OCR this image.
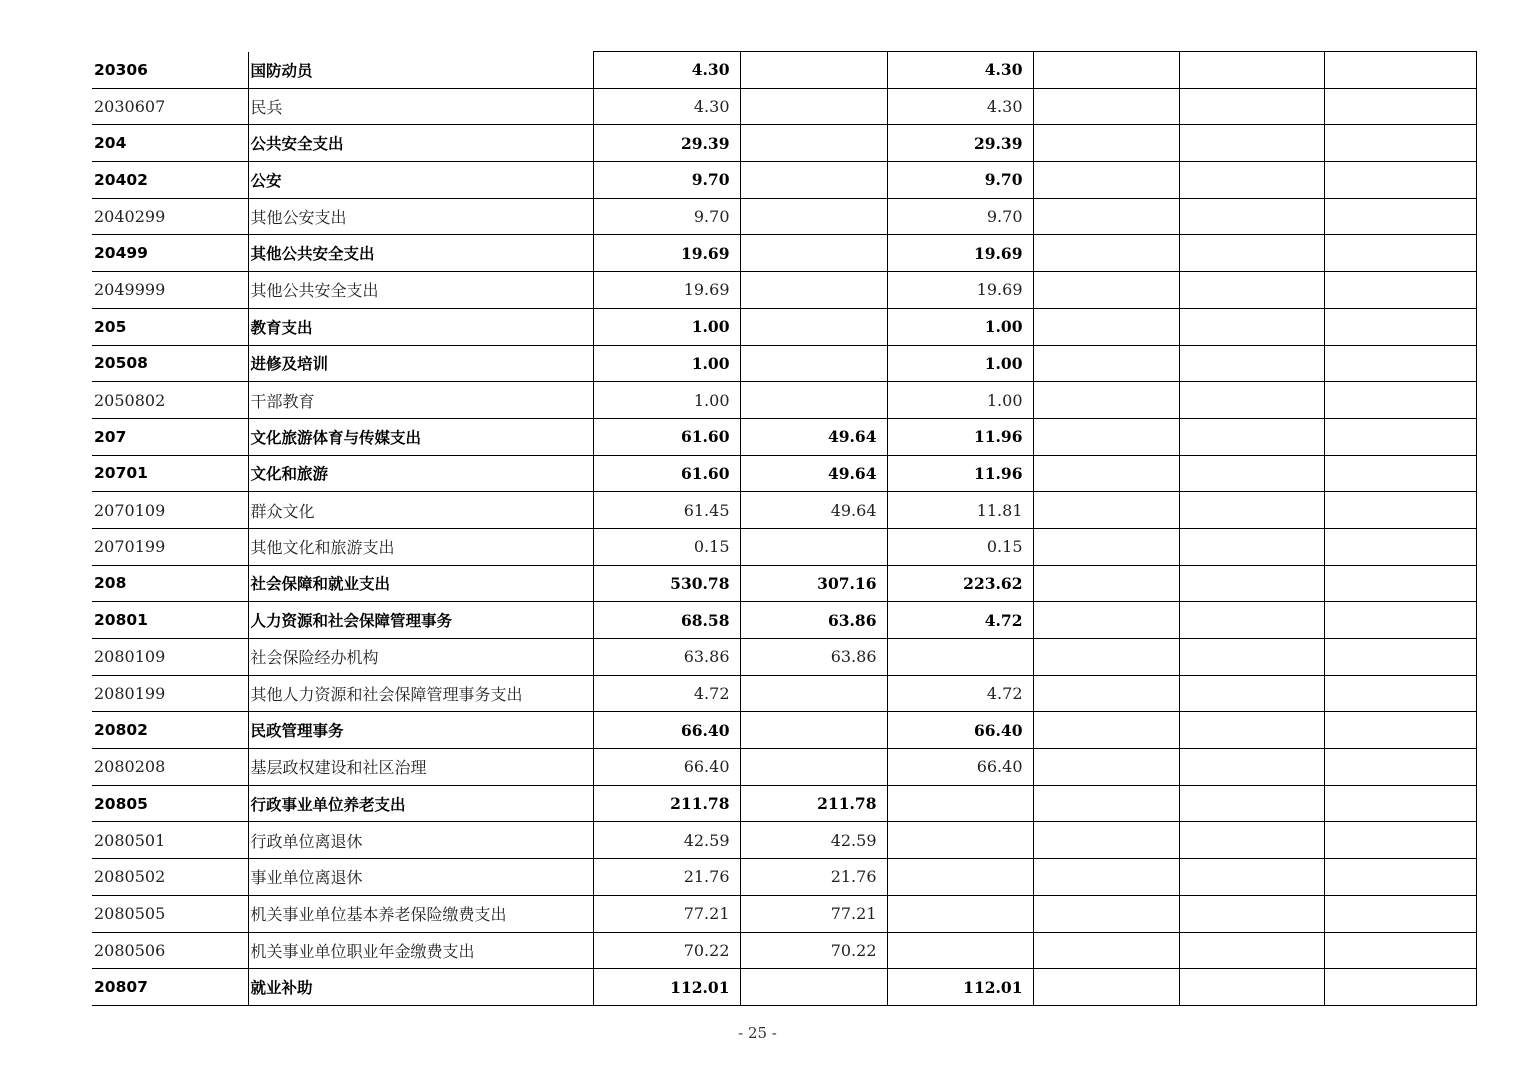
20306	国防动员	4.30		4.30			
2030607	民兵	4.30		4.30			
204	公共安全支出	29.39		29.39			
20402	公安	9.70		9.70			
2040299	其他公安支出	9.70		9.70			
20499	其他公共安全支出	19.69		19.69			
2049999	其他公共安全支出	19.69		19.69			
205	教育支出	1.00		1.00			
20508	进修及培训	1.00		1.00			
2050802	干部教育	1.00		1.00			
207	文化旅游体育与传媒支出	61.60	49.64	11.96			
20701	文化和旅游	61.60	49.64	11.96			
2070109	群众文化	61.45	49.64	11.81			
2070199	其他文化和旅游支出	0.15		0.15			
208	社会保障和就业支出	530.78	307.16	223.62			
20801	人力资源和社会保障管理事务	68.58	63.86	4.72			
2080109	社会保险经办机构	63.86	63.86				
2080199	其他人力资源和社会保障管理事务支出	4.72		4.72			
20802	民政管理事务	66.40		66.40			
2080208	基层政权建设和社区治理	66.40		66.40			
20805	行政事业单位养老支出	211.78	211.78				
2080501	行政单位离退休	42.59	42.59				
2080502	事业单位离退休	21.76	21.76				
2080505	机关事业单位基本养老保险缴费支出	77.21	77.21				
2080506	机关事业单位职业年金缴费支出	70.22	70.22				
20807	就业补助	112.01		112.01			
- 25 -
